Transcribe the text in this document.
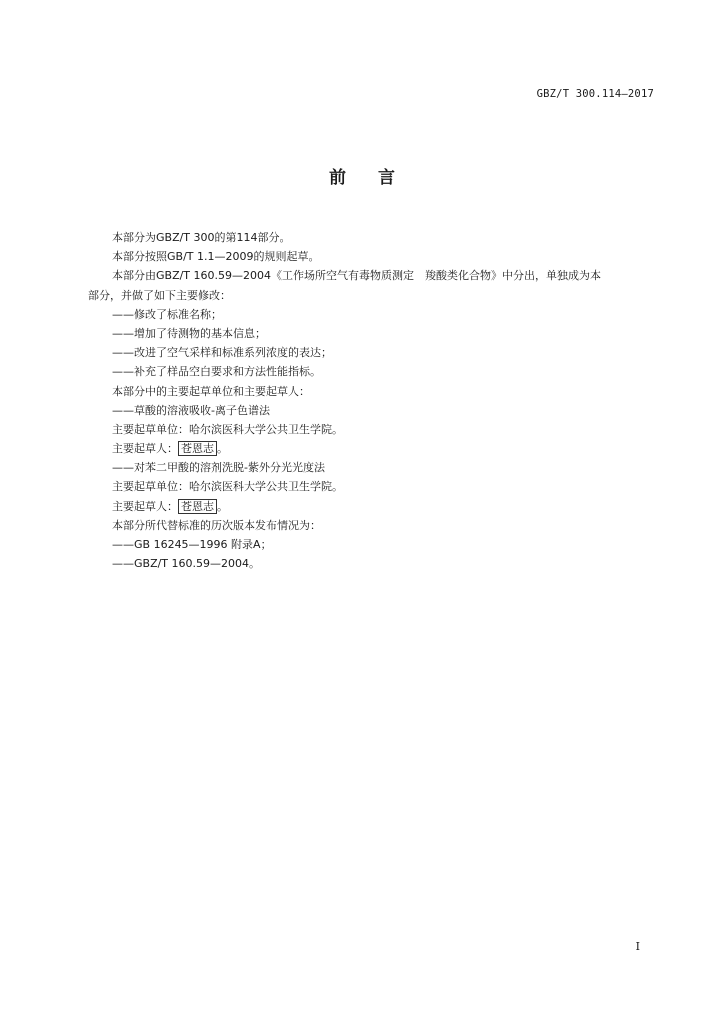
GBZ/T 300.114—2017
前言
本部分为GBZ/T 300的第114部分。
本部分按照GB/T 1.1—2009的规则起草。
本部分由GBZ/T 160.59—2004《工作场所空气有毒物质测定　羧酸类化合物》中分出，单独成为本
部分，并做了如下主要修改：
——修改了标准名称；
——增加了待测物的基本信息；
——改进了空气采样和标准系列浓度的表达；
——补充了样品空白要求和方法性能指标。
本部分中的主要起草单位和主要起草人：
——草酸的溶液吸收-离子色谱法
主要起草单位：哈尔滨医科大学公共卫生学院。
主要起草人： 苍恩志 。
——对苯二甲酸的溶剂洗脱-紫外分光光度法
主要起草单位：哈尔滨医科大学公共卫生学院。
主要起草人： 苍恩志 。
本部分所代替标准的历次版本发布情况为：
——GB 16245—1996 附录A；
——GBZ/T 160.59—2004。
I
